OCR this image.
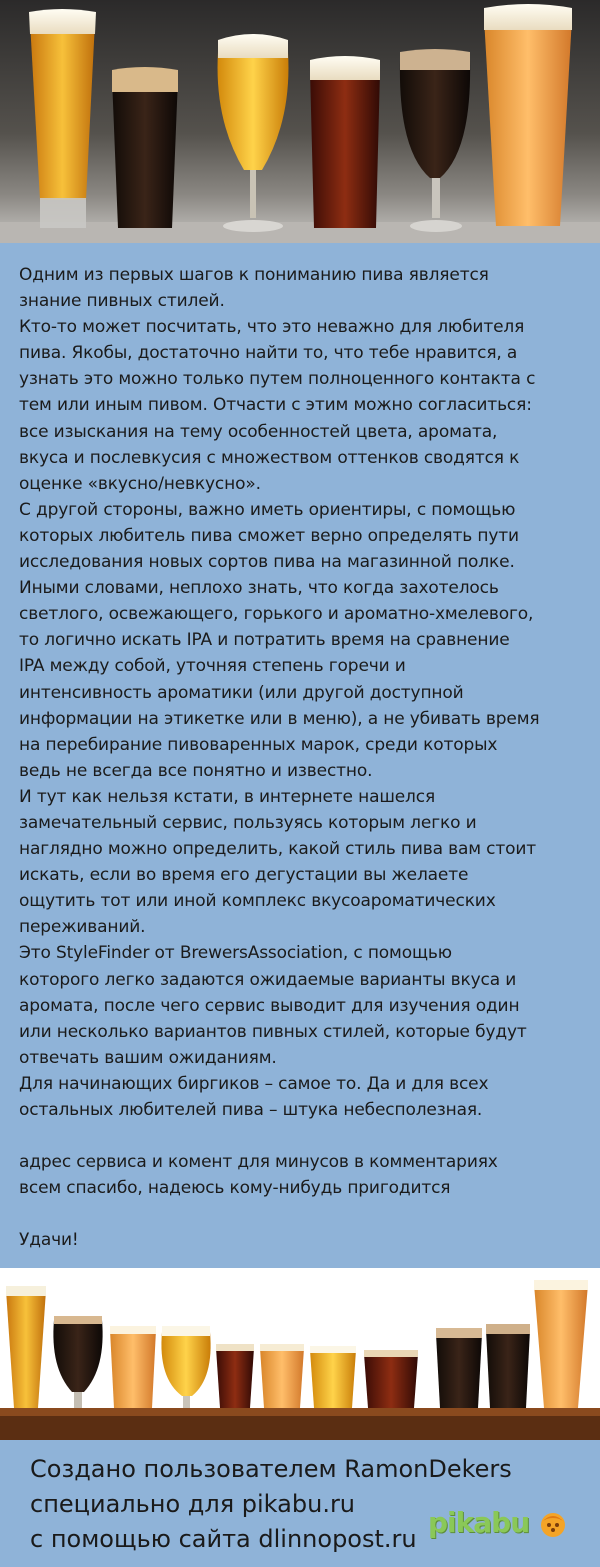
Одним из первых шагов к пониманию пива является

знание пивных стилей.

Кто-то может посчитать, что это неважно для любителя

пива. Якобы, достаточно найти то, что тебе нравится, а

узнать это можно только путем полноценного контакта с

тем или иным пивом. Отчасти с этим можно согласиться:

все изыскания на тему особенностей цвета, аромата,

вкуса и послевкусия с множеством оттенков сводятся к

оценке «вкусно/невкусно».

С другой стороны, важно иметь ориентиры, с помощью

которых любитель пива сможет верно определять пути

исследования новых сортов пива на магазинной полке.

Иными словами, неплохо знать, что когда захотелось

светлого, освежающего, горького и ароматно-хмелевого,

то логично искать IPA и потратить время на сравнение

IPA между собой, уточняя степень горечи и

интенсивность ароматики (или другой доступной

информации на этикетке или в меню), а не убивать время

на перебирание пивоваренных марок, среди которых

ведь не всегда все понятно и известно.

И тут как нельзя кстати, в интернете нашелся

замечательный сервис, пользуясь которым легко и

наглядно можно определить, какой стиль пива вам стоит

искать, если во время его дегустации вы желаете

ощутить тот или иной комплекс вкусоароматических

переживаний.

Это StyleFinder от BrewersAssociation, с помощью

которого легко задаются ожидаемые варианты вкуса и

аромата, после чего сервис выводит для изучения один

или несколько вариантов пивных стилей, которые будут

отвечать вашим ожиданиям.

Для начинающих биргиков – самое то. Да и для всех

остальных любителей пива – штука небесполезная.

адрес сервиса и комент для минусов в комментариях

всем спасибо, надеюсь кому-нибудь пригодится

Удачи!

Создано пользователем RamonDekers
специально для pikabu.ru
с помощью сайта dlinnopost.ru pikabu
